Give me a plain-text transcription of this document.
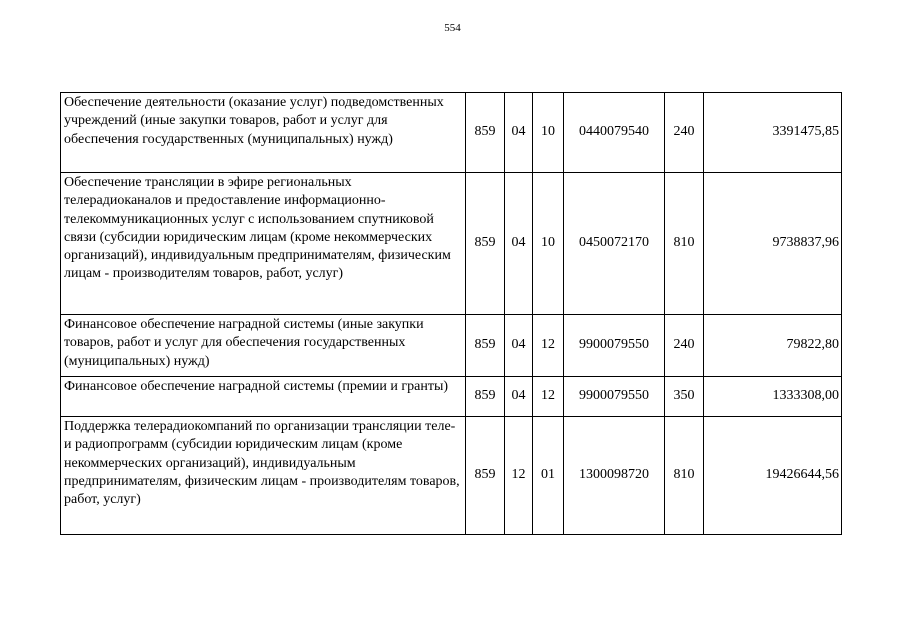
554
Обеспечение деятельности (оказание услуг) подведомственных учреждений (иные закупки товаров, работ и услуг для обеспечения государственных (муниципальных) нужд)	859	04	10	0440079540	240	3391475,85
Обеспечение трансляции в эфире региональных телерадиоканалов и предоставление информационно-телекоммуникационных услуг с использованием спутниковой связи (субсидии юридическим лицам (кроме некоммерческих организаций), индивидуальным предпринимателям, физическим лицам - производителям товаров, работ, услуг)	859	04	10	0450072170	810	9738837,96
Финансовое обеспечение наградной системы (иные закупки товаров, работ и услуг для обеспечения государственных (муниципальных) нужд)	859	04	12	9900079550	240	79822,80
Финансовое обеспечение наградной системы (премии и гранты)	859	04	12	9900079550	350	1333308,00
Поддержка телерадиокомпаний по организации трансляции теле- и радиопрограмм (субсидии юридическим лицам (кроме некоммерческих организаций), индивидуальным предпринимателям, физическим лицам - производителям товаров, работ, услуг)	859	12	01	1300098720	810	19426644,56
